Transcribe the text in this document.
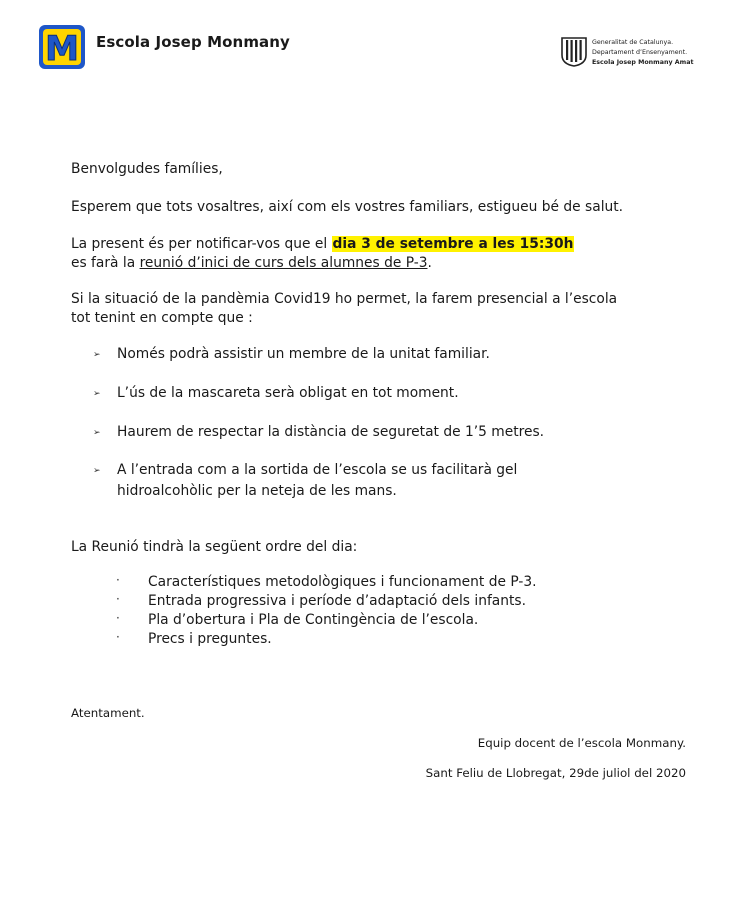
M Escola Josep Monmany	Generalitat de Catalunya.
Departament d’Ensenyament.
Escola Josep Monmany Amat
Benvolgudes famílies,
Esperem que tots vosaltres, així com els vostres familiars, estigueu bé de salut.
La present és per notificar-vos que el dia 3 de setembre a les 15:30h
es farà la reunió d’inici de curs dels alumnes de P-3.
Si la situació de la pandèmia Covid19 ho permet, la farem presencial a l’escola
tot tenint en compte que :
➢ Només podrà assistir un membre de la unitat familiar.
➢ L’ús de la mascareta serà obligat en tot moment.
➢ Haurem de respectar la distància de seguretat de 1’5 metres.
➢ A l’entrada com a la sortida de l’escola se us facilitarà gel
hidroalcohòlic per la neteja de les mans.
La Reunió tindrà la següent ordre del dia:
· Característiques metodològiques i funcionament de P-3.
· Entrada progressiva i període d’adaptació dels infants.
· Pla d’obertura i Pla de Contingència de l’escola.
· Precs i preguntes.
Atentament.
Equip docent de l’escola Monmany.
Sant Feliu de Llobregat, 29de juliol del 2020
